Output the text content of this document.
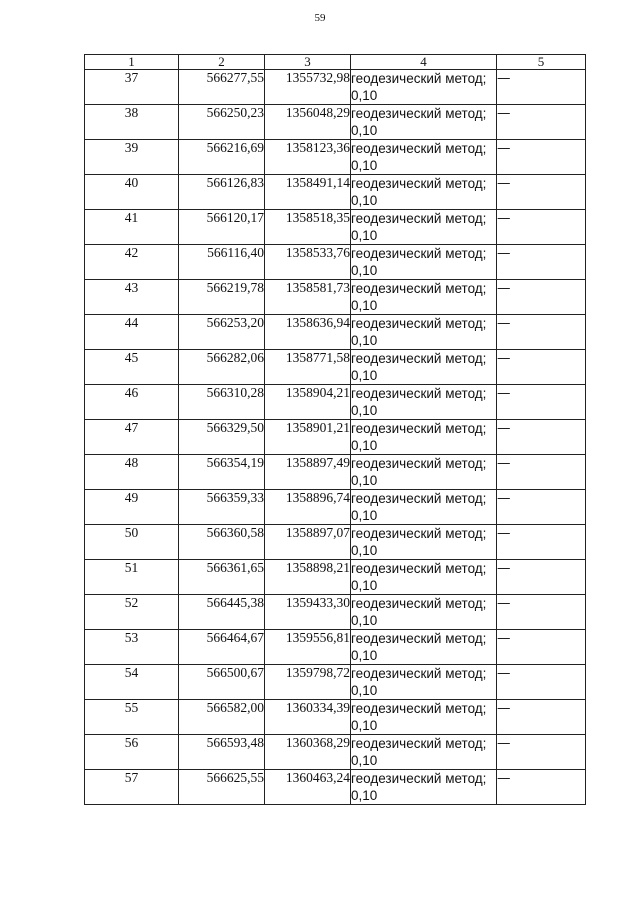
59
1	2	3	4	5
37	566277,55	1355732,98	геодезический метод; 0,10	—
38	566250,23	1356048,29	геодезический метод; 0,10	—
39	566216,69	1358123,36	геодезический метод; 0,10	—
40	566126,83	1358491,14	геодезический метод; 0,10	—
41	566120,17	1358518,35	геодезический метод; 0,10	—
42	566116,40	1358533,76	геодезический метод; 0,10	—
43	566219,78	1358581,73	геодезический метод; 0,10	—
44	566253,20	1358636,94	геодезический метод; 0,10	—
45	566282,06	1358771,58	геодезический метод; 0,10	—
46	566310,28	1358904,21	геодезический метод; 0,10	—
47	566329,50	1358901,21	геодезический метод; 0,10	—
48	566354,19	1358897,49	геодезический метод; 0,10	—
49	566359,33	1358896,74	геодезический метод; 0,10	—
50	566360,58	1358897,07	геодезический метод; 0,10	—
51	566361,65	1358898,21	геодезический метод; 0,10	—
52	566445,38	1359433,30	геодезический метод; 0,10	—
53	566464,67	1359556,81	геодезический метод; 0,10	—
54	566500,67	1359798,72	геодезический метод; 0,10	—
55	566582,00	1360334,39	геодезический метод; 0,10	—
56	566593,48	1360368,29	геодезический метод; 0,10	—
57	566625,55	1360463,24	геодезический метод; 0,10	—
